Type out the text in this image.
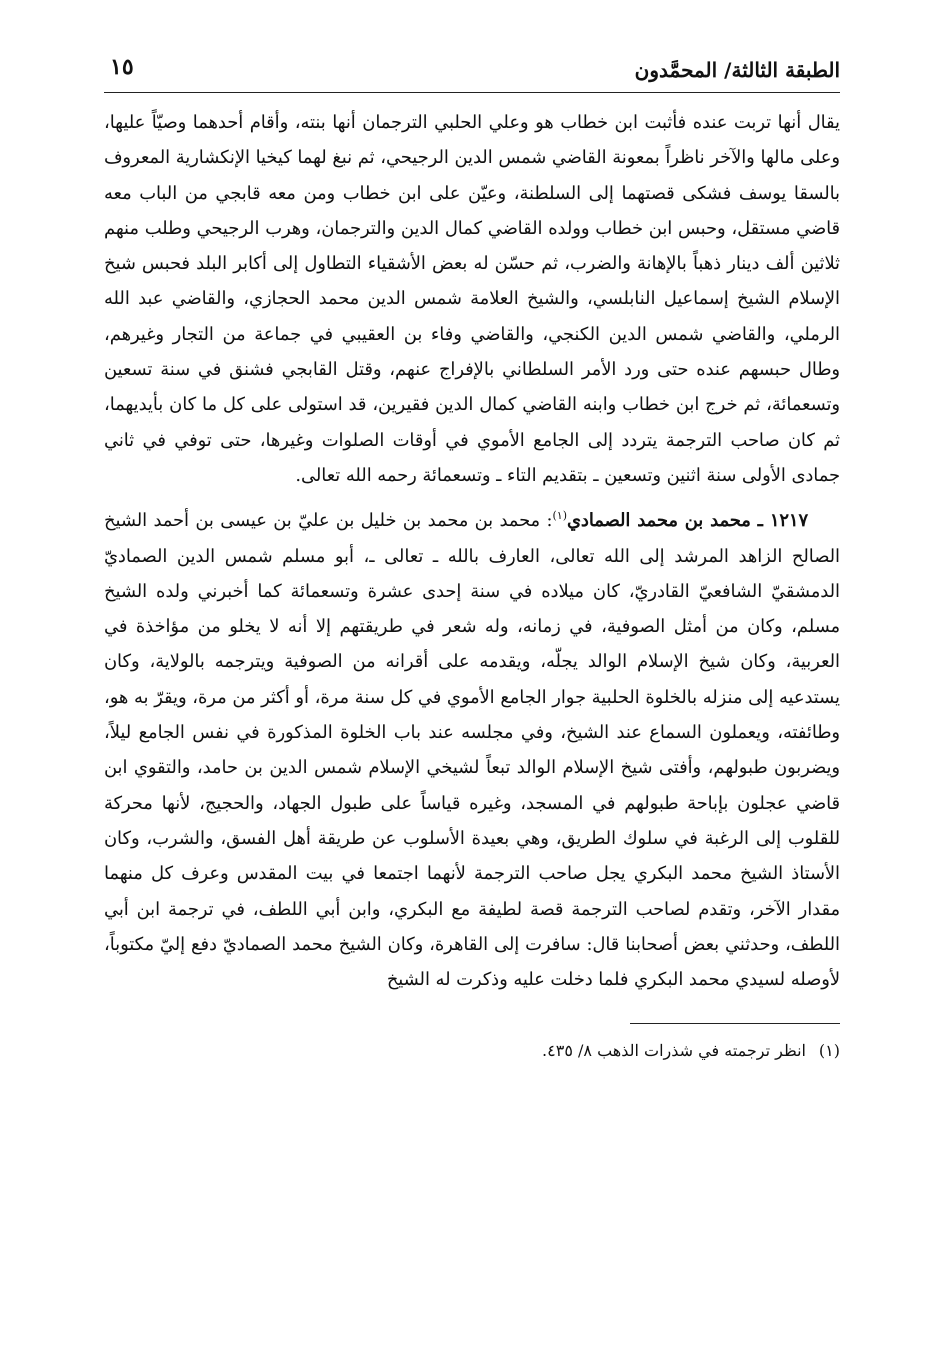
الطبقة الثالثة/ المحمَّدون
١٥

يقال أنها تربت عنده فأثبت ابن خطاب هو وعلي الحلبي الترجمان أنها بنته، وأقام أحدهما وصيّاً عليها، وعلى مالها والآخر ناظراً بمعونة القاضي شمس الدين الرجيحي، ثم نبغ لهما كيخيا الإنكشارية المعروف بالسقا يوسف فشكى قصتهما إلى السلطنة، وعيّن على ابن خطاب ومن معه قابجي من الباب معه قاضي مستقل، وحبس ابن خطاب وولده القاضي كمال الدين والترجمان، وهرب الرجيحي وطلب منهم ثلاثين ألف دينار ذهباً بالإهانة والضرب، ثم حسّن له بعض الأشقياء التطاول إلى أكابر البلد فحبس شيخ الإسلام الشيخ إسماعيل النابلسي، والشيخ العلامة شمس الدين محمد الحجازي، والقاضي عبد الله الرملي، والقاضي شمس الدين الكنجي، والقاضي وفاء بن العقيبي في جماعة من التجار وغيرهم، وطال حبسهم عنده حتى ورد الأمر السلطاني بالإفراج عنهم، وقتل القابجي فشنق في سنة تسعين وتسعمائة، ثم خرج ابن خطاب وابنه القاضي كمال الدين فقيرين، قد استولى على كل ما كان بأيديهما، ثم كان صاحب الترجمة يتردد إلى الجامع الأموي في أوقات الصلوات وغيرها، حتى توفي في ثاني جمادى الأولى سنة اثنين وتسعين ـ بتقديم التاء ـ وتسعمائة رحمه الله تعالى.

١٢١٧ ـ محمد بن محمد الصمادي$^{(١)}$: محمد بن محمد بن خليل بن عليّ بن عيسى بن أحمد الشيخ الصالح الزاهد المرشد إلى الله تعالى، العارف بالله ـ تعالى ـ، أبو مسلم شمس الدين الصماديّ الدمشقيّ الشافعيّ القادريّ، كان ميلاده في سنة إحدى عشرة وتسعمائة كما أخبرني ولده الشيخ مسلم، وكان من أمثل الصوفية، في زمانه، وله شعر في طريقتهم إلا أنه لا يخلو من مؤاخذة في العربية، وكان شيخ الإسلام الوالد يجلّه، ويقدمه على أقرانه من الصوفية ويترجمه بالولاية، وكان يستدعيه إلى منزله بالخلوة الحلبية جوار الجامع الأموي في كل سنة مرة، أو أكثر من مرة، ويقرّ به هو، وطائفته، ويعملون السماع عند الشيخ، وفي مجلسه عند باب الخلوة المذكورة في نفس الجامع ليلاً، ويضربون طبولهم، وأفتى شيخ الإسلام الوالد تبعاً لشيخي الإسلام شمس الدين بن حامد، والتقوي ابن قاضي عجلون بإباحة طبولهم في المسجد، وغيره قياساً على طبول الجهاد، والحجيج، لأنها محركة للقلوب إلى الرغبة في سلوك الطريق، وهي بعيدة الأسلوب عن طريقة أهل الفسق، والشرب، وكان الأستاذ الشيخ محمد البكري يجل صاحب الترجمة لأنهما اجتمعا في بيت المقدس وعرف كل منهما مقدار الآخر، وتقدم لصاحب الترجمة قصة لطيفة مع البكري، وابن أبي اللطف، في ترجمة ابن أبي اللطف، وحدثني بعض أصحابنا قال: سافرت إلى القاهرة، وكان الشيخ محمد الصماديّ دفع إليّ مكتوباً، لأوصله لسيدي محمد البكري فلما دخلت عليه وذكرت له الشيخ

(١)انظر ترجمته في شذرات الذهب ٨/ ٤٣٥.
